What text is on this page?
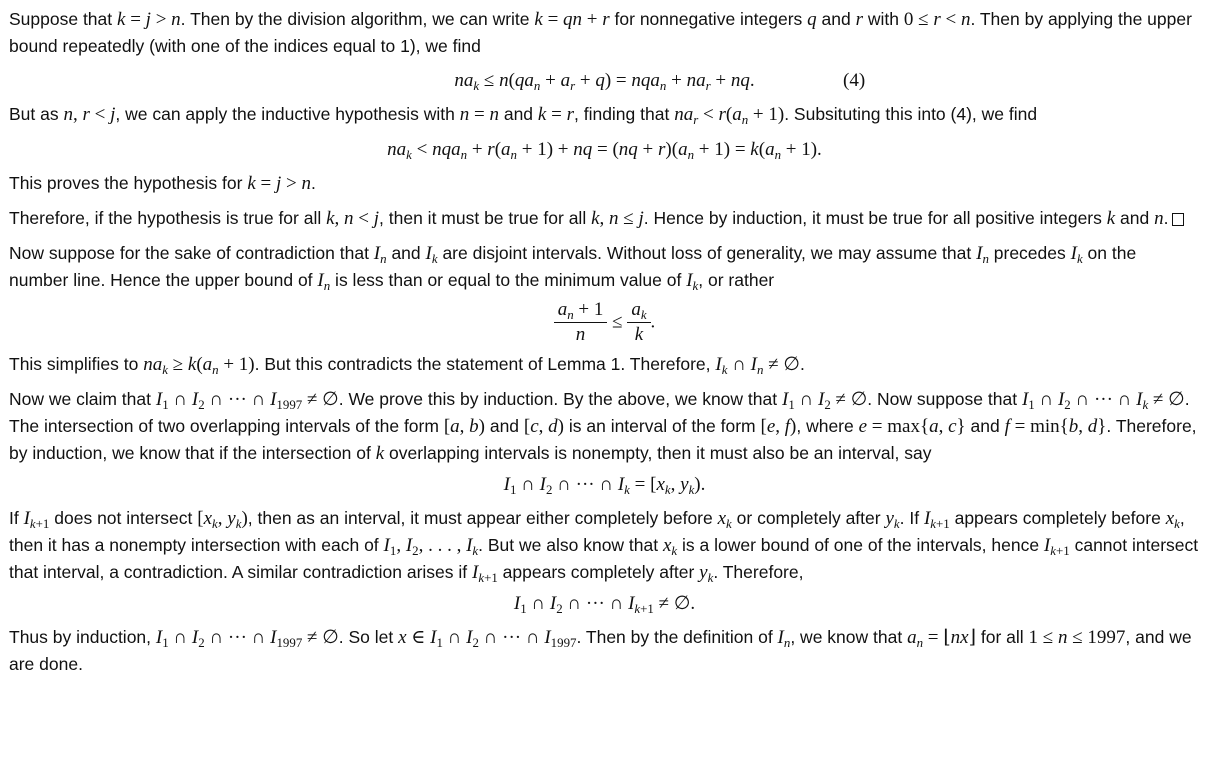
Suppose that k = j > n. Then by the division algorithm, we can write k = qn + r for nonnegative integers q and r with 0 ≤ r < n. Then by applying the upper bound repeatedly (with one of the indices equal to 1), we find

$na_k \le n(qa_n + a_r + q) = nqa_n + na_r$ + nq.	(4)

But as n, r < j, we can apply the inductive hypothesis with n = n and k = r, finding that $na_r < r(a_n + 1)$. Subsituting this into (4), we find

$na_k < nqa_n + r(a_n + 1)$ + nq = $(nq + r)(a_n + 1) = k(a_n + 1)$.

This proves the hypothesis for k = j > n.

Therefore, if the hypothesis is true for all k, n < j, then it must be true for all k, n ≤ j. Hence by induction, it must be true for all positive integers k and n.

Now suppose for the sake of contradiction that $I_n$ and $I_k$ are disjoint intervals. Without loss of generality, we may assume that $I_n$ precedes $I_k$ on the number line. Hence the upper bound of $I_n$ is less than or equal to the minimum value of $I_k$, or rather

$\frac{a_n + 1}{n} \le \frac{a_k}{k}$ .

This simplifies to $na_k \ge k(a_n + 1)$. But this contradicts the statement of Lemma 1. Therefore, $I_k$ ∩ $I_n$ ≠ ∅.

Now we claim that $I_1$ ∩ $I_2$ ∩ ··· ∩ $I_{1997}$ ≠ ∅. We prove this by induction. By the above, we know that $I_1$ ∩ $I_2$ ≠ ∅. Now suppose that $I_1$ ∩ $I_2$ ∩ ··· ∩ $I_k$ ≠ ∅. The intersection of two overlapping intervals of the form [a, b) and [c, d) is an interval of the form [e, f), where e = max{a, c} and f = min{b, d}. Therefore, by induction, we know that if the intersection of k overlapping intervals is nonempty, then it must also be an interval, say

$I_1$ ∩ $I_2$ ∩ ··· ∩ $I_k = [x_k$, $y_k$).

If $I_{k+1}$ does not intersect [$x_k$, $y_k$), then as an interval, it must appear either completely before $x_k$ or completely after $y_k$. If $I_{k+1}$ appears completely before $x_k$, then it has a nonempty intersection with each of $I_1$, $I_2$, . . . , $I_k$. But we also know that $x_k$ is a lower bound of one of the intervals, hence $I_{k+1}$ cannot intersect that interval, a contradiction. A similar contradiction arises if $I_{k+1}$ appears completely after $y_k$. Therefore,

$I_1$ ∩ $I_2$ ∩ ··· ∩ $I_{k+1}$ ≠ ∅.

Thus by induction, $I_1$ ∩ $I_2$ ∩ ··· ∩ $I_{1997}$ ≠ ∅. So let x ∈ $I_1$ ∩ $I_2$ ∩ ··· ∩ $I_{1997}$. Then by the definition of $I_n$, we know that $a_n$ = ⌊nx⌋ for all 1 ≤ n ≤ 1997, and we are done.
